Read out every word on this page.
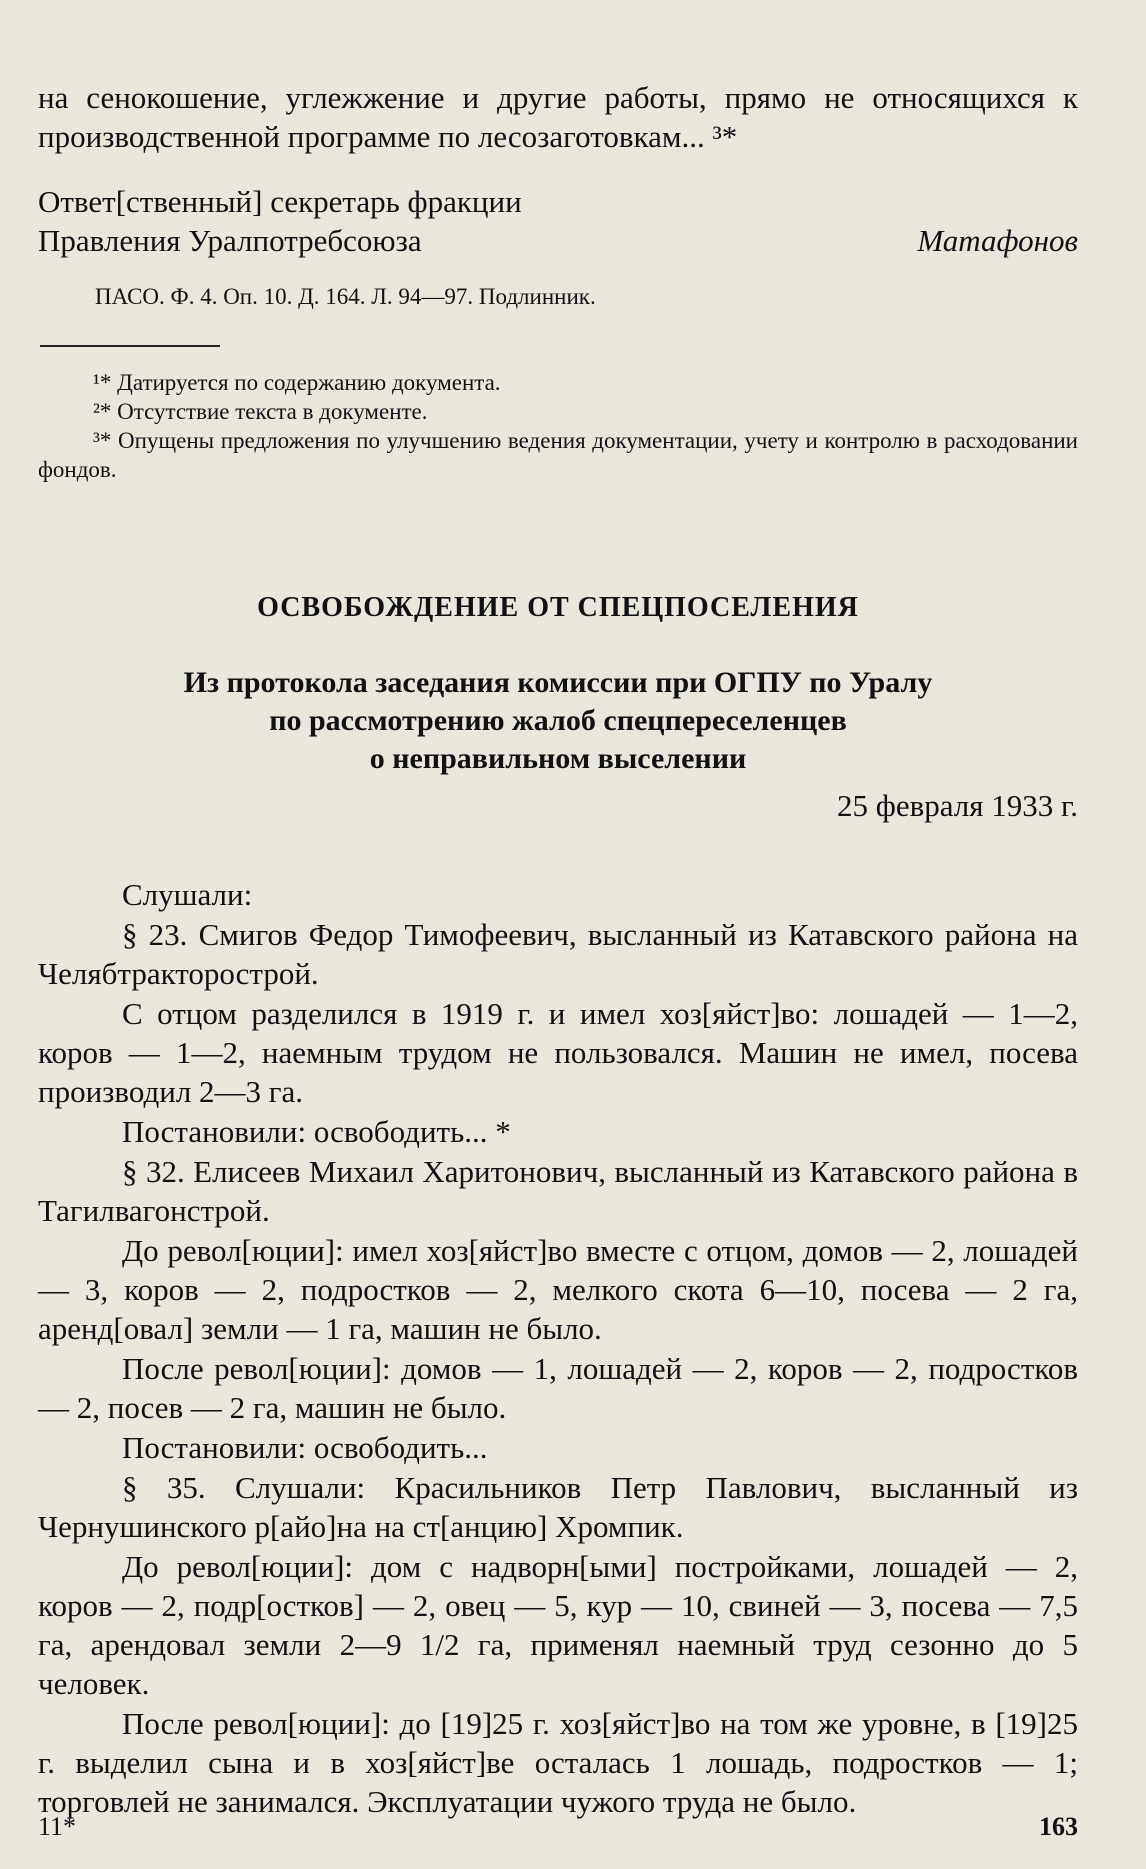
на сенокошение, углежжение и другие работы, прямо не относящихся к производственной программе по лесозаготовкам... ³*

Ответ[ственный] секретарь фракции
Правления Уралпотребсоюза	Матафонов
ПАСО. Ф. 4. Оп. 10. Д. 164. Л. 94—97. Подлинник.

¹* Датируется по содержанию документа.

²* Отсутствие текста в документе.

³* Опущены предложения по улучшению ведения документации, учету и контролю в расходовании фондов.

ОСВОБОЖДЕНИЕ ОТ СПЕЦПОСЕЛЕНИЯ
Из протокола заседания комиссии при ОГПУ по Уралу
по рассмотрению жалоб спецпереселенцев
о неправильном выселении
25 февраля 1933 г.

Слушали:

§ 23. Смигов Федор Тимофеевич, высланный из Катавского района на Челябтракторострой.

С отцом разделился в 1919 г. и имел хоз[яйст]во: лошадей — 1—2, коров — 1—2, наемным трудом не пользовался. Машин не имел, посева производил 2—3 га.

Постановили: освободить... *

§ 32. Елисеев Михаил Харитонович, высланный из Катавского района в Тагилвагонстрой.

До револ[юции]: имел хоз[яйст]во вместе с отцом, домов — 2, лошадей — 3, коров — 2, подростков — 2, мелкого скота 6—10, посева — 2 га, аренд[овал] земли — 1 га, машин не было.

После револ[юции]: домов — 1, лошадей — 2, коров — 2, подростков — 2, посев — 2 га, машин не было.

Постановили: освободить...

§ 35. Слушали: Красильников Петр Павлович, высланный из Чернушинского р[айо]на на ст[анцию] Хромпик.

До револ[юции]: дом с надворн[ыми] постройками, лошадей — 2, коров — 2, подр[остков] — 2, овец — 5, кур — 10, свиней — 3, посева — 7,5 га, арендовал земли 2—9 1/2 га, применял наемный труд сезонно до 5 человек.

После револ[юции]: до [19]25 г. хоз[яйст]во на том же уровне, в [19]25 г. выделил сына и в хоз[яйст]ве осталась 1 лошадь, подростков — 1; торговлей не занимался. Эксплуатации чужого труда не было.

11*	163
